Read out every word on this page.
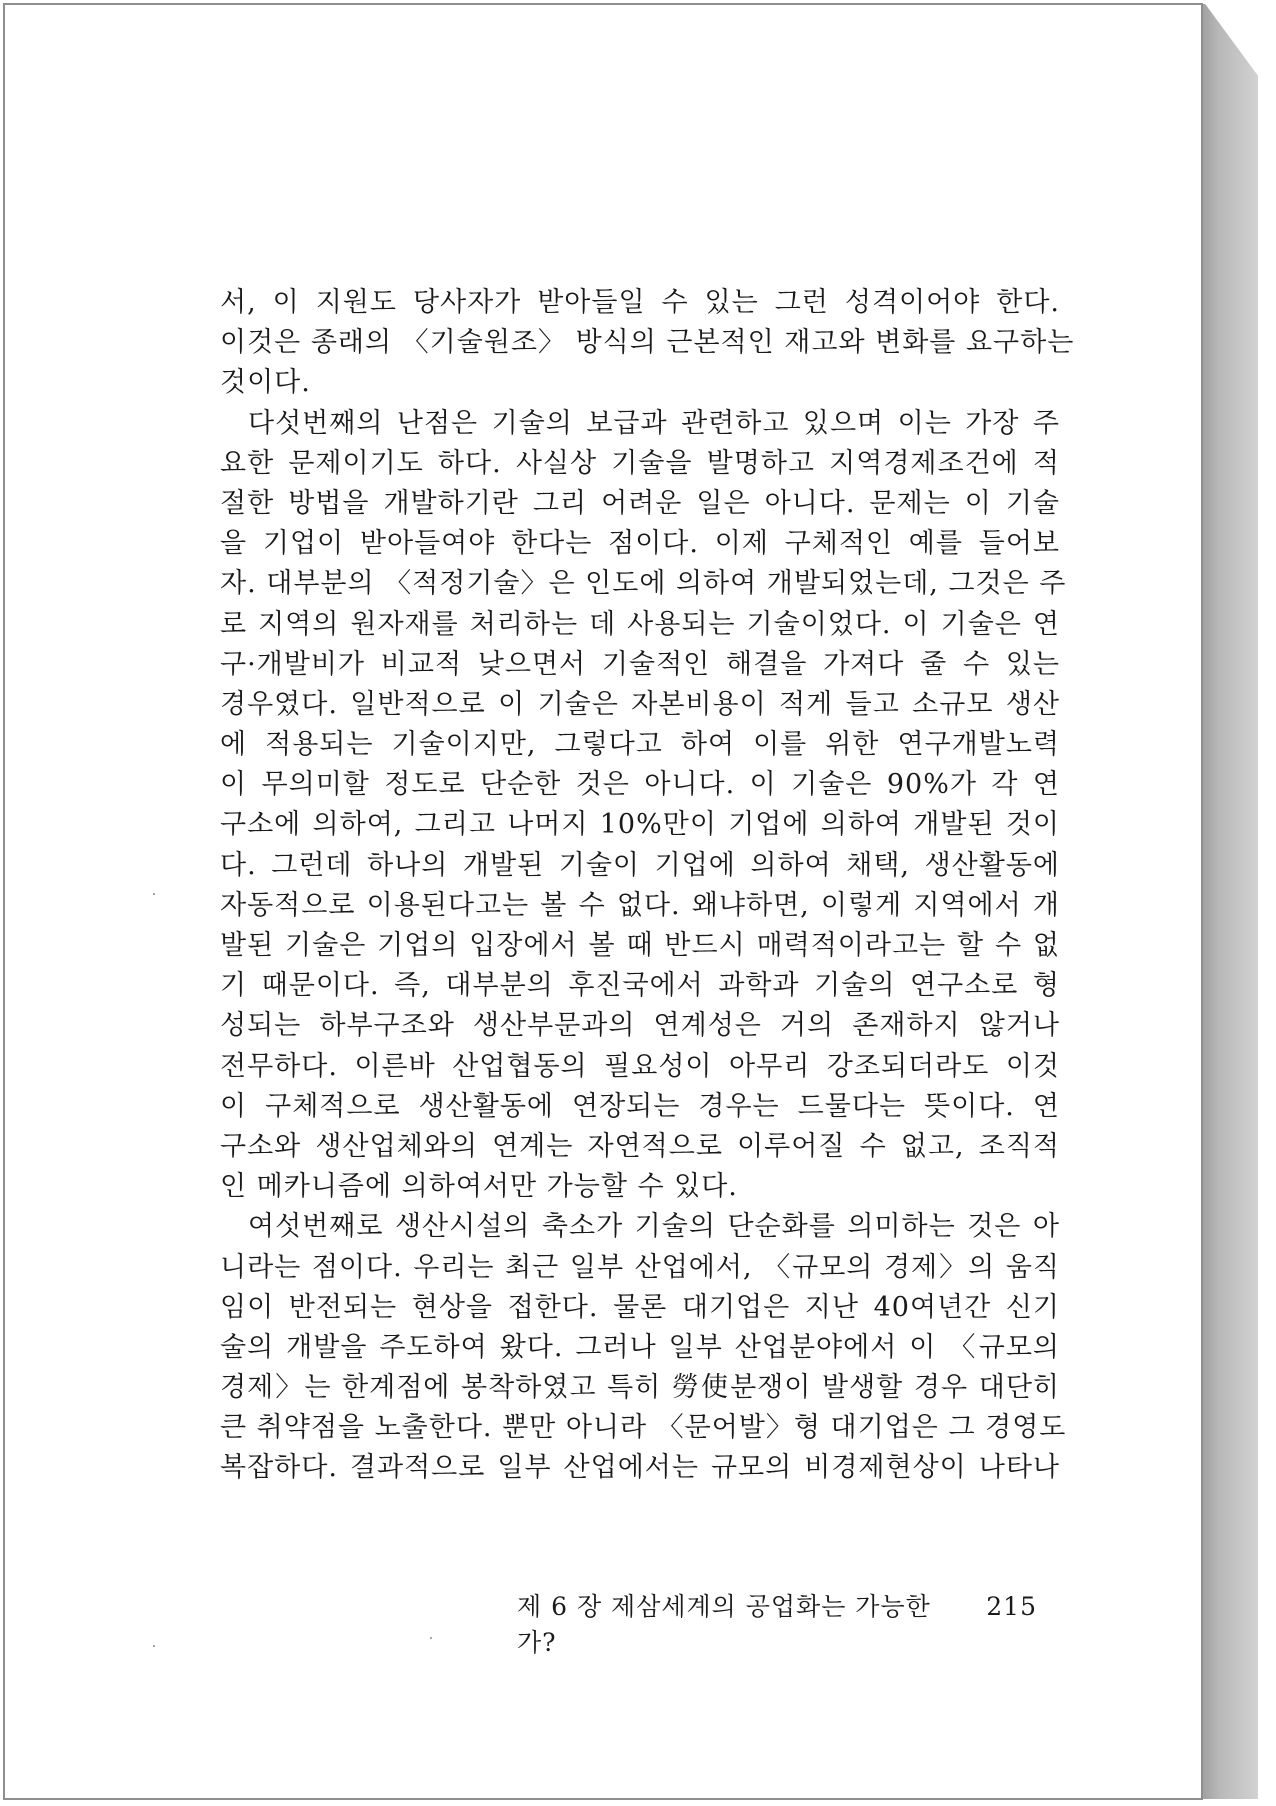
서, 이 지원도 당사자가 받아들일 수 있는 그런 성격이어야 한다.
이것은 종래의 〈기술원조〉 방식의 근본적인 재고와 변화를 요구하는
것이다.
다섯번째의 난점은 기술의 보급과 관련하고 있으며 이는 가장 주
요한 문제이기도 하다. 사실상 기술을 발명하고 지역경제조건에 적
절한 방법을 개발하기란 그리 어려운 일은 아니다. 문제는 이 기술
을 기업이 받아들여야 한다는 점이다. 이제 구체적인 예를 들어보
자. 대부분의 〈적정기술〉은 인도에 의하여 개발되었는데, 그것은 주
로 지역의 원자재를 처리하는 데 사용되는 기술이었다. 이 기술은 연
구·개발비가 비교적 낮으면서 기술적인 해결을 가져다 줄 수 있는
경우였다. 일반적으로 이 기술은 자본비용이 적게 들고 소규모 생산
에 적용되는 기술이지만, 그렇다고 하여 이를 위한 연구개발노력
이 무의미할 정도로 단순한 것은 아니다. 이 기술은 90%가 각 연
구소에 의하여, 그리고 나머지 10%만이 기업에 의하여 개발된 것이
다. 그런데 하나의 개발된 기술이 기업에 의하여 채택, 생산활동에
자동적으로 이용된다고는 볼 수 없다. 왜냐하면, 이렇게 지역에서 개
발된 기술은 기업의 입장에서 볼 때 반드시 매력적이라고는 할 수 없
기 때문이다. 즉, 대부분의 후진국에서 과학과 기술의 연구소로 형
성되는 하부구조와 생산부문과의 연계성은 거의 존재하지 않거나
전무하다. 이른바 산업협동의 필요성이 아무리 강조되더라도 이것
이 구체적으로 생산활동에 연장되는 경우는 드물다는 뜻이다. 연
구소와 생산업체와의 연계는 자연적으로 이루어질 수 없고, 조직적
인 메카니즘에 의하여서만 가능할 수 있다.
여섯번째로 생산시설의 축소가 기술의 단순화를 의미하는 것은 아
니라는 점이다. 우리는 최근 일부 산업에서, 〈규모의 경제〉의 움직
임이 반전되는 현상을 접한다. 물론 대기업은 지난 40여년간 신기
술의 개발을 주도하여 왔다. 그러나 일부 산업분야에서 이 〈규모의
경제〉는 한계점에 봉착하였고 특히 勞使분쟁이 발생할 경우 대단히
큰 취약점을 노출한다. 뿐만 아니라 〈문어발〉형 대기업은 그 경영도
복잡하다. 결과적으로 일부 산업에서는 규모의 비경제현상이 나타나
제 6 장 제삼세계의 공업화는 가능한가?
215
